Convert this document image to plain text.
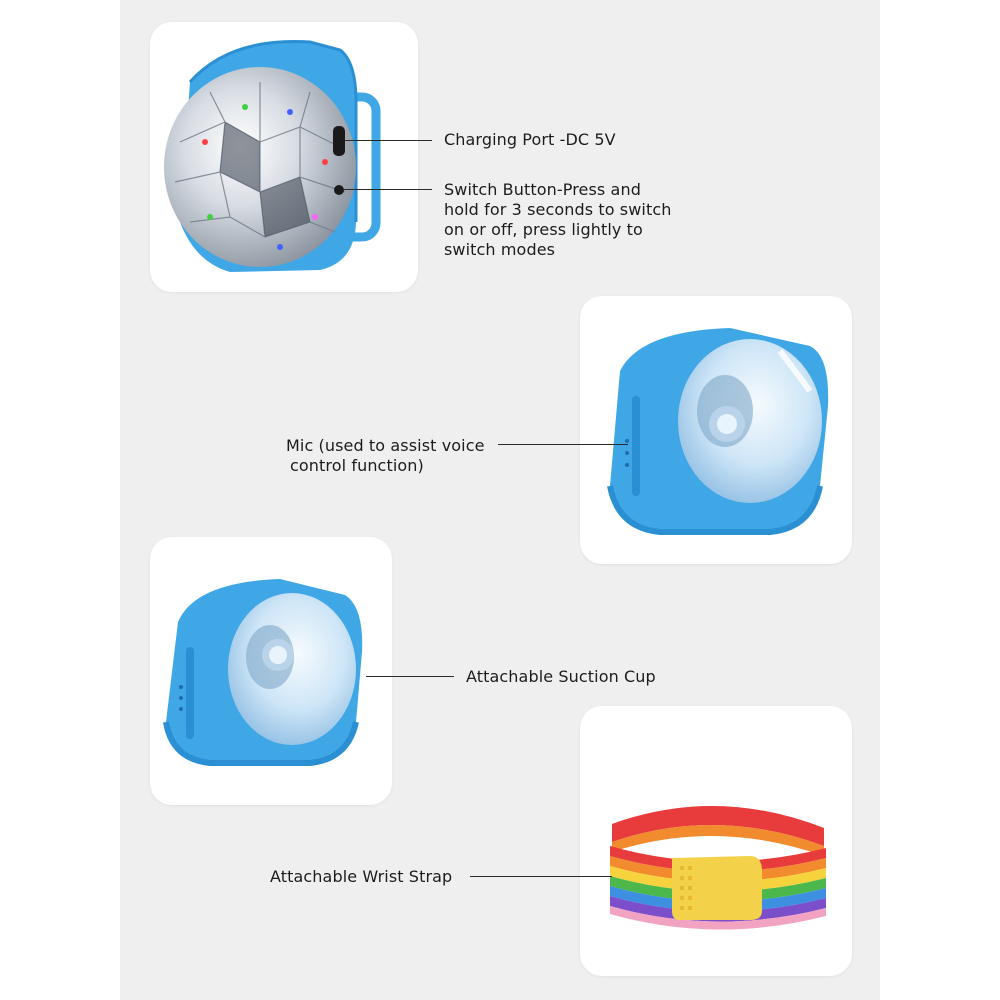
Charging Port -DC 5V
Switch Button-Press and
hold for 3 seconds to switch
on or off, press lightly to
switch modes
Mic (used to assist voice
control function)
Attachable Suction Cup
Attachable Wrist Strap
